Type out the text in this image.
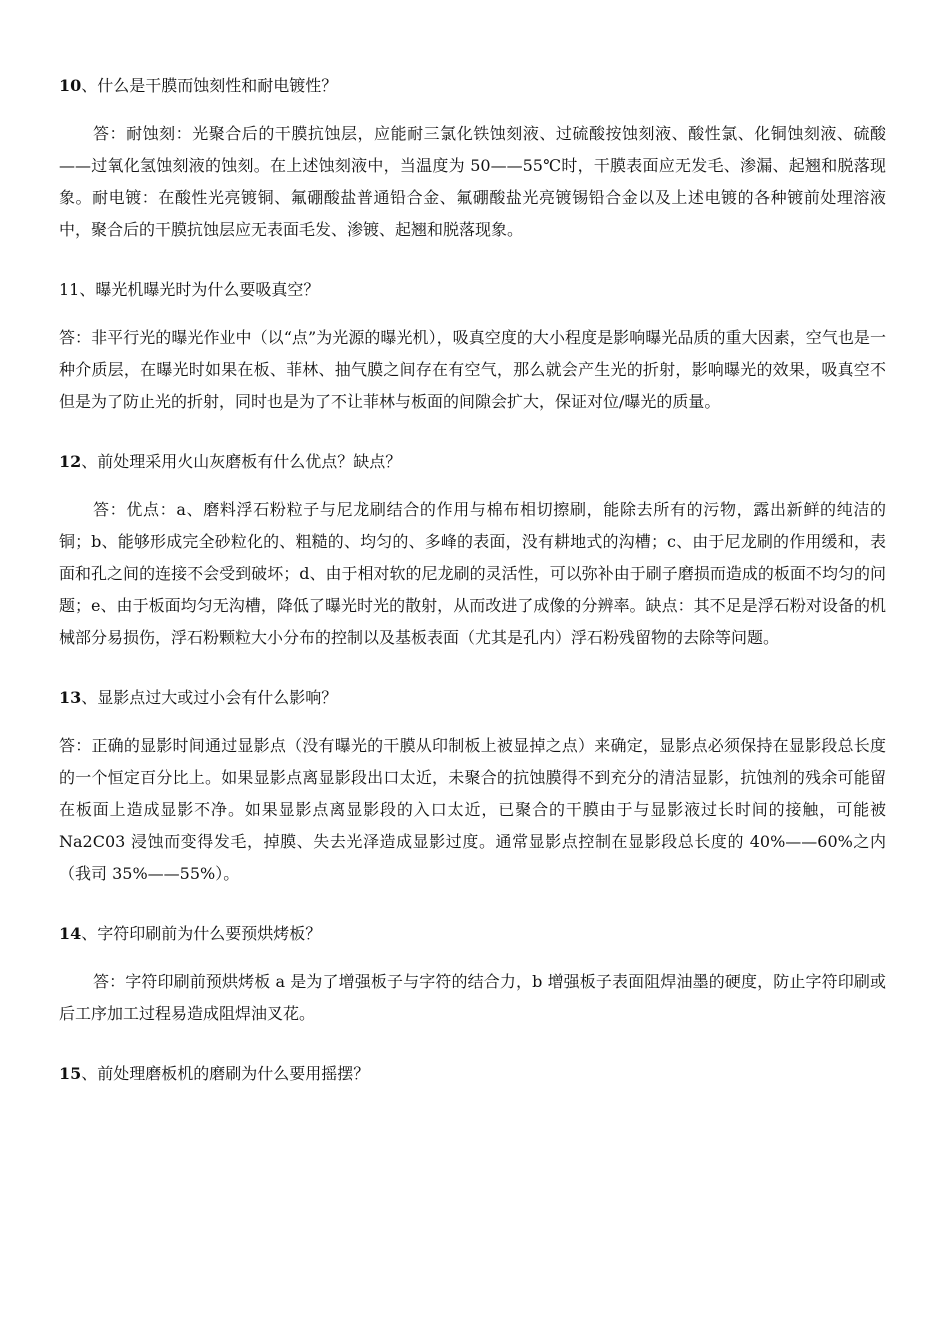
10、什么是干膜而蚀刻性和耐电镀性？

答：耐蚀刻：光聚合后的干膜抗蚀层，应能耐三氯化铁蚀刻液、过硫酸按蚀刻液、酸性氯、化铜蚀刻液、硫酸——过氧化氢蚀刻液的蚀刻。在上述蚀刻液中，当温度为 50——55℃时，干膜表面应无发毛、渗漏、起翘和脱落现象。耐电镀：在酸性光亮镀铜、氟硼酸盐普通铅合金、氟硼酸盐光亮镀锡铅合金以及上述电镀的各种镀前处理溶液中，聚合后的干膜抗蚀层应无表面毛发、渗镀、起翘和脱落现象。

11、曝光机曝光时为什么要吸真空？

答：非平行光的曝光作业中（以“点”为光源的曝光机），吸真空度的大小程度是影响曝光品质的重大因素，空气也是一种介质层，在曝光时如果在板、菲林、抽气膜之间存在有空气，那么就会产生光的折射，影响曝光的效果，吸真空不但是为了防止光的折射，同时也是为了不让菲林与板面的间隙会扩大，保证对位/曝光的质量。

12、前处理采用火山灰磨板有什么优点？缺点？

答：优点：a、磨料浮石粉粒子与尼龙刷结合的作用与棉布相切擦刷，能除去所有的污物，露出新鲜的纯洁的铜；b、能够形成完全砂粒化的、粗糙的、均匀的、多峰的表面，没有耕地式的沟槽；c、由于尼龙刷的作用缓和，表面和孔之间的连接不会受到破坏；d、由于相对软的尼龙刷的灵活性，可以弥补由于刷子磨损而造成的板面不均匀的问题；e、由于板面均匀无沟槽，降低了曝光时光的散射，从而改进了成像的分辨率。缺点：其不足是浮石粉对设备的机械部分易损伤，浮石粉颗粒大小分布的控制以及基板表面（尤其是孔内）浮石粉残留物的去除等问题。

13、显影点过大或过小会有什么影响？

答：正确的显影时间通过显影点（没有曝光的干膜从印制板上被显掉之点）来确定，显影点必须保持在显影段总长度的一个恒定百分比上。如果显影点离显影段出口太近，未聚合的抗蚀膜得不到充分的清洁显影，抗蚀剂的残余可能留在板面上造成显影不净。如果显影点离显影段的入口太近，已聚合的干膜由于与显影液过长时间的接触，可能被 Na2C03 浸蚀而变得发毛，掉膜、失去光泽造成显影过度。通常显影点控制在显影段总长度的 40%——60%之内（我司 35%——55%）。

14、字符印刷前为什么要预烘烤板？

答：字符印刷前预烘烤板 a 是为了增强板子与字符的结合力，b 增强板子表面阻焊油墨的硬度，防止字符印刷或后工序加工过程易造成阻焊油叉花。

15、前处理磨板机的磨刷为什么要用摇摆？
